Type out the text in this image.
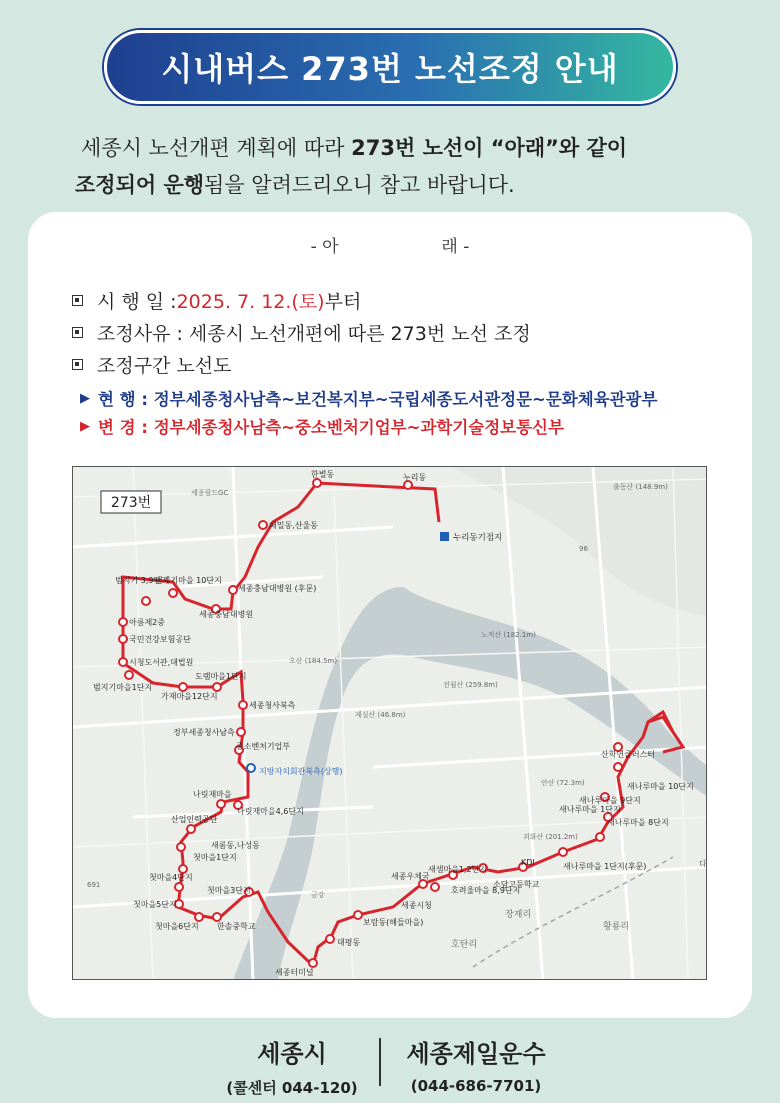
시내버스 273번 노선조정 안내
세종시 노선개편 계획에 따라 273번 노선이 “아래”와 같이
조정되어 운행됨을 알려드리오니 참고 바랍니다.
- 아	래 -
시 행 일 : 2025. 7. 12.(토) 부터
조정사유 : 세종시 노선개편에 따른 273번 노선 조정
조정구간 노선도
▶ 현 행 : 정부세종청사남측~보건복지부~국립세종도서관정문~문화체육관광부
▶ 변 경 : 정부세종청사남측~중소벤처기업부~과학기술정보통신부
273번
누리동기점지
한별동	누리동
해밀동,산울동
세종충남대병원 (후문)
세종충남대병원
범지기 3,9단지
범지기마을 10단지
아름제2중
국민건강보험공단
시청도서관,대법원
범지기마을1단지
가재마을12단지
도램마을1단지
세종청사북측
정부세종청사남측
중소벤처기업부
지방자치회관북측(상행)
나릿재마을
나릿재마을4,6단지
산업인력공단
새롬동,나성동
첫마을1단지
첫마을4단지
첫마을3단지
첫마을5단지
첫마을6단지 한솔중학교
세종터미널
대평동
보람동(해들마을)
세종우체국
세종시청
새샘마을1,2단지
호려울마을 8,9단지
소담고등학교
KDI	새나루마을 1단지(후문)
새나루마을 1단지
새나루마을 8단지
새나루마을 9단지
새나루마을 10단지
산학연클러스터
세종필드GC
출동산 (148.9m)
노적산 (182.1m)
오산 (184.5m)
전월산 (259.8m)
제실산 (46.8m)
안산 (72.3m)
괴화산 (201.2m)
장재리
황룡리
호탄리
금강
대
96
691
세종시
(콜센터 044-120)
세종제일운수
(044-686-7701)
